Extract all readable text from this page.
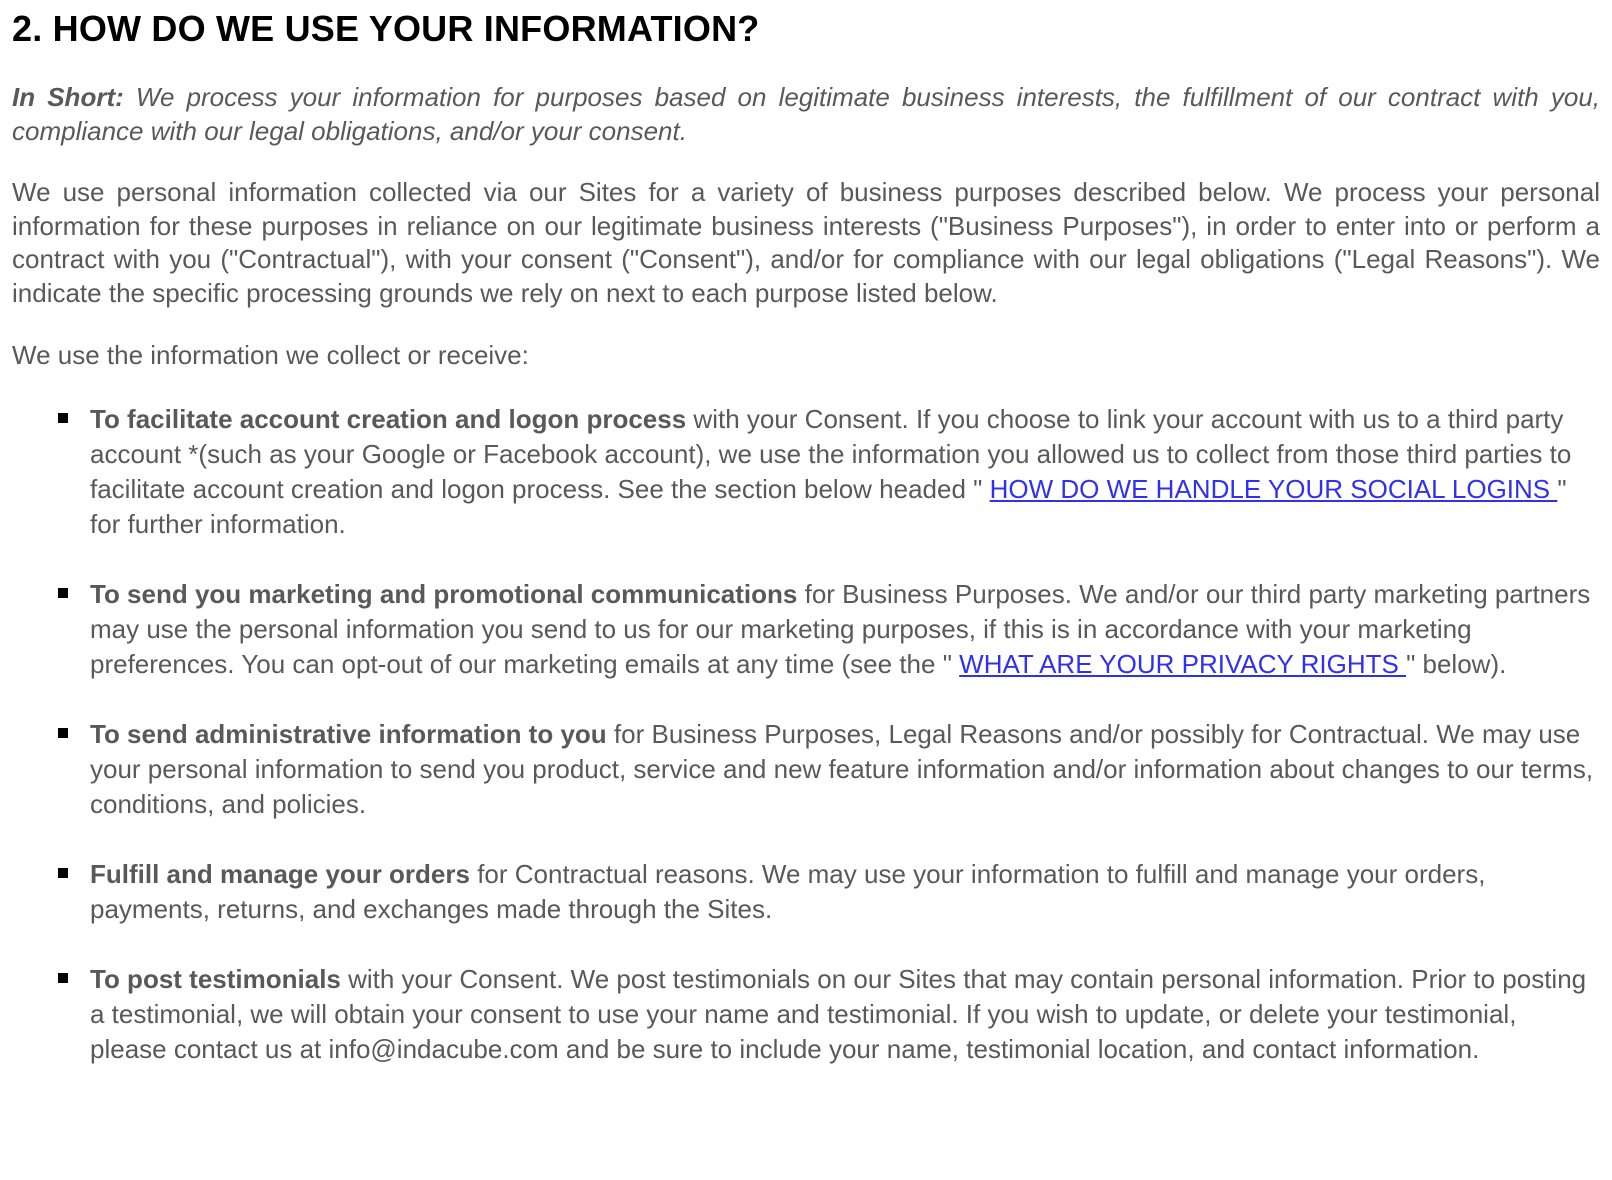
2. HOW DO WE USE YOUR INFORMATION?

In Short: We process your information for purposes based on legitimate business interests, the fulfillment of our contract with you, compliance with our legal obligations, and/or your consent.

We use personal information collected via our Sites for a variety of business purposes described below. We process your personal information for these purposes in reliance on our legitimate business interests ("Business Purposes"), in order to enter into or perform a contract with you ("Contractual"), with your consent ("Consent"), and/or for compliance with our legal obligations ("Legal Reasons"). We indicate the specific processing grounds we rely on next to each purpose listed below.

We use the information we collect or receive:

To facilitate account creation and logon process with your Consent. If you choose to link your account with us to a third party account *(such as your Google or Facebook account), we use the information you allowed us to collect from those third parties to facilitate account creation and logon process. See the section below headed " HOW DO WE HANDLE YOUR SOCIAL LOGINS " for further information.
To send you marketing and promotional communications for Business Purposes. We and/or our third party marketing partners may use the personal information you send to us for our marketing purposes, if this is in accordance with your marketing preferences. You can opt-out of our marketing emails at any time (see the " WHAT ARE YOUR PRIVACY RIGHTS " below).
To send administrative information to you for Business Purposes, Legal Reasons and/or possibly for Contractual. We may use your personal information to send you product, service and new feature information and/or information about changes to our terms, conditions, and policies.
Fulfill and manage your orders for Contractual reasons. We may use your information to fulfill and manage your orders, payments, returns, and exchanges made through the Sites.
To post testimonials with your Consent. We post testimonials on our Sites that may contain personal information. Prior to posting a testimonial, we will obtain your consent to use your name and testimonial. If you wish to update, or delete your testimonial, please contact us at info@indacube.com and be sure to include your name, testimonial location, and contact information.
